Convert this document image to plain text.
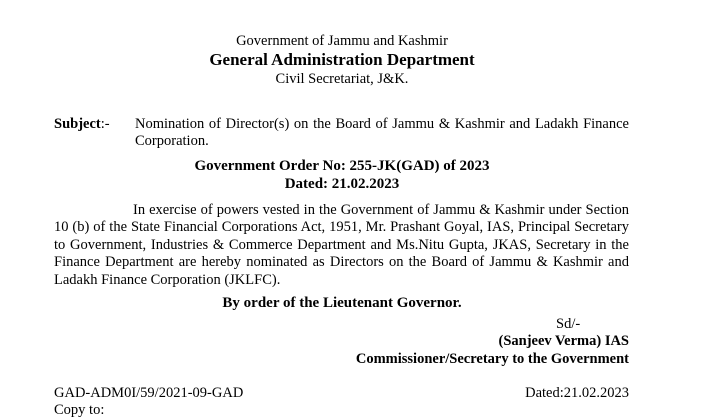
Government of Jammu and Kashmir
General Administration Department
Civil Secretariat, J&K.
Subject:- Nomination of Director(s) on the Board of Jammu & Kashmir and Ladakh Finance Corporation.
Government Order No: 255-JK(GAD) of 2023
Dated: 21.02.2023
In exercise of powers vested in the Government of Jammu & Kashmir under Section 10 (b) of the State Financial Corporations Act, 1951, Mr. Prashant Goyal, IAS, Principal Secretary to Government, Industries & Commerce Department and Ms.Nitu Gupta, JKAS, Secretary in the Finance Department are hereby nominated as Directors on the Board of Jammu & Kashmir and Ladakh Finance Corporation (JKLFC).
By order of the Lieutenant Governor.
Sd/-
(Sanjeev Verma) IAS
Commissioner/Secretary to the Government
GAD-ADM0I/59/2021-09-GAD	Dated:21.02.2023
Copy to:
